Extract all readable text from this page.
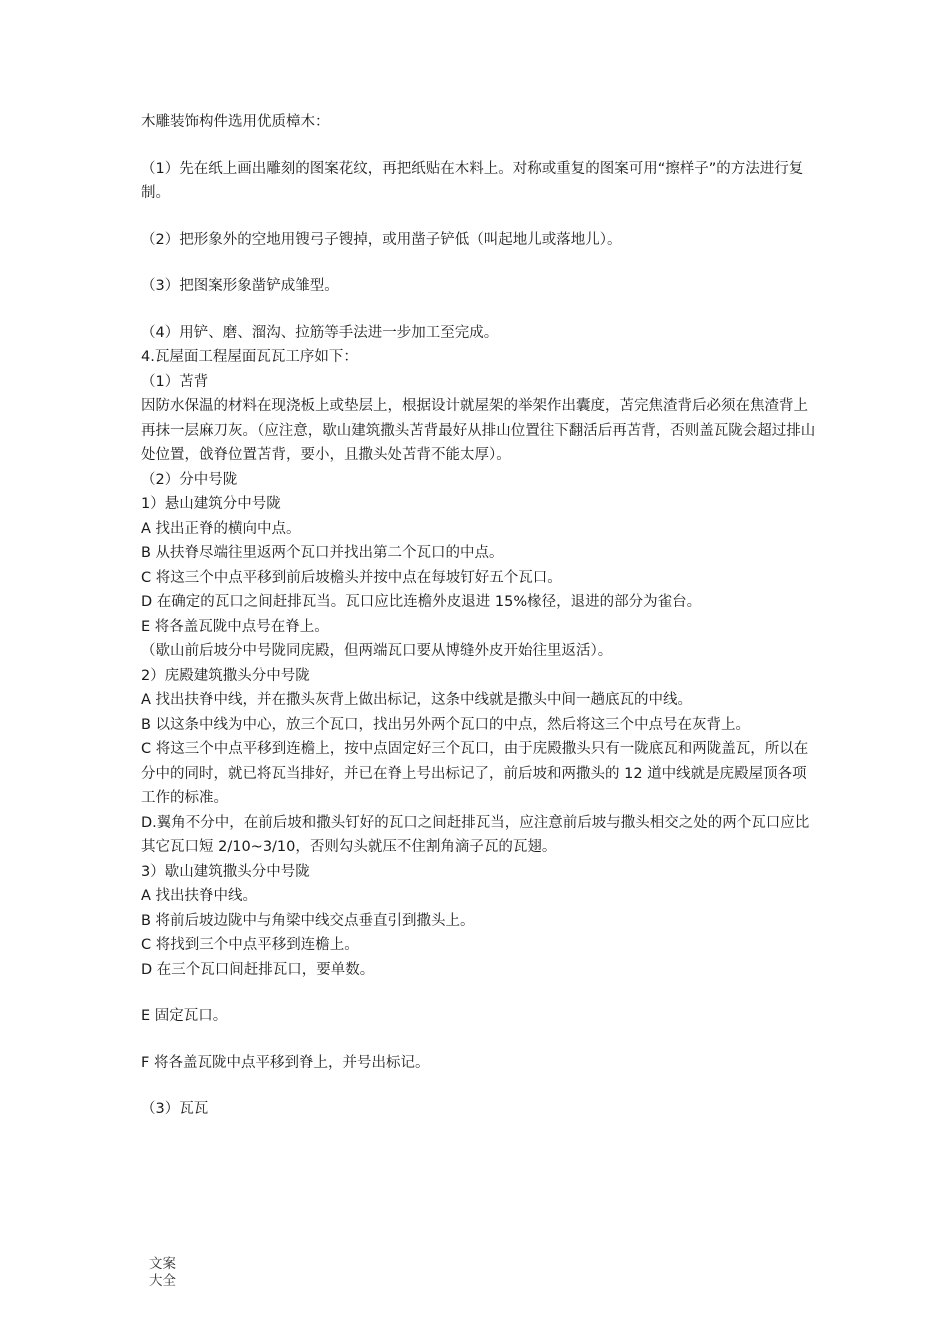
木雕装饰构件选用优质樟木：

（1）先在纸上画出雕刻的图案花纹，再把纸贴在木料上。对称或重复的图案可用“擦样子”的方法进行复制。

（2）把形象外的空地用锼弓子锼掉，或用凿子铲低（叫起地儿或落地儿）。

（3）把图案形象凿铲成雏型。

（4）用铲、磨、溜沟、拉筋等手法进一步加工至完成。

4.瓦屋面工程屋面瓦瓦工序如下：

（1）苫背

因防水保温的材料在现浇板上或垫层上，根据设计就屋架的举架作出囊度，苫完焦渣背后必须在焦渣背上再抹一层麻刀灰。（应注意，歇山建筑撒头苫背最好从排山位置往下翻活后再苫背，否则盖瓦陇会超过排山处位置，戗脊位置苫背，要小，且撒头处苫背不能太厚）。

（2）分中号陇

1）悬山建筑分中号陇

A 找出正脊的横向中点。

B 从扶脊尽端往里返两个瓦口并找出第二个瓦口的中点。

C 将这三个中点平移到前后坡檐头并按中点在每坡钉好五个瓦口。

D 在确定的瓦口之间赶排瓦当。瓦口应比连檐外皮退进 15%椽径，退进的部分为雀台。

E 将各盖瓦陇中点号在脊上。

（歇山前后坡分中号陇同庑殿，但两端瓦口要从博缝外皮开始往里返活）。

2）庑殿建筑撒头分中号陇

A 找出扶脊中线，并在撒头灰背上做出标记，这条中线就是撒头中间一趟底瓦的中线。

B 以这条中线为中心，放三个瓦口，找出另外两个瓦口的中点，然后将这三个中点号在灰背上。

C 将这三个中点平移到连檐上，按中点固定好三个瓦口，由于庑殿撒头只有一陇底瓦和两陇盖瓦，所以在分中的同时，就已将瓦当排好，并已在脊上号出标记了，前后坡和两撒头的 12 道中线就是庑殿屋顶各项工作的标准。

D.翼角不分中，在前后坡和撒头钉好的瓦口之间赶排瓦当，应注意前后坡与撒头相交之处的两个瓦口应比其它瓦口短 2/10~3/10，否则勾头就压不住割角滴子瓦的瓦翅。

3）歇山建筑撒头分中号陇

A 找出扶脊中线。

B 将前后坡边陇中与角梁中线交点垂直引到撒头上。

C 将找到三个中点平移到连檐上。

D 在三个瓦口间赶排瓦口，要单数。

E 固定瓦口。

F 将各盖瓦陇中点平移到脊上，并号出标记。

（3）瓦瓦

文案大全
